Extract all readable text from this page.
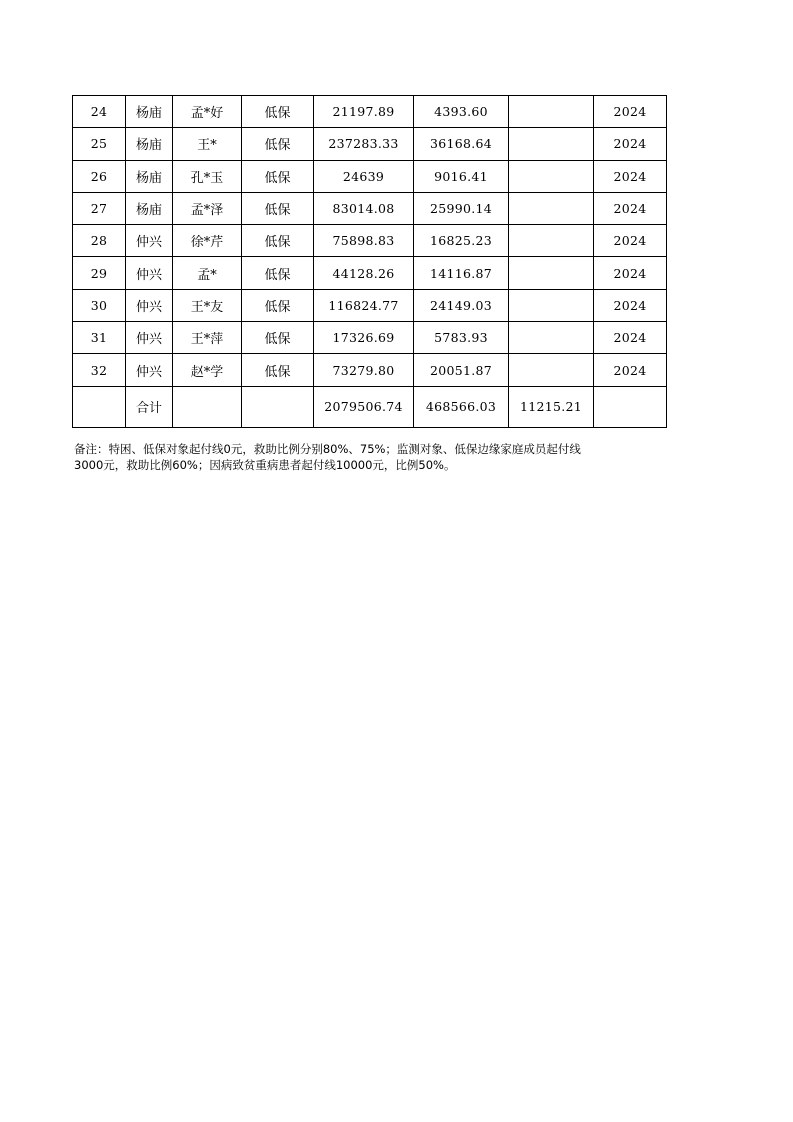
24	杨庙	孟*好	低保	21197.89	4393.60		2024
25	杨庙	王*	低保	237283.33	36168.64		2024
26	杨庙	孔*玉	低保	24639	9016.41		2024
27	杨庙	孟*泽	低保	83014.08	25990.14		2024
28	仲兴	徐*芹	低保	75898.83	16825.23		2024
29	仲兴	孟*	低保	44128.26	14116.87		2024
30	仲兴	王*友	低保	116824.77	24149.03		2024
31	仲兴	王*萍	低保	17326.69	5783.93		2024
32	仲兴	赵*学	低保	73279.80	20051.87		2024
	合计			2079506.74	468566.03	11215.21	
备注：特困、低保对象起付线0元，救助比例分别80%、75%；监测对象、低保边缘家庭成员起付线
3000元，救助比例60%；因病致贫重病患者起付线10000元，比例50%。
